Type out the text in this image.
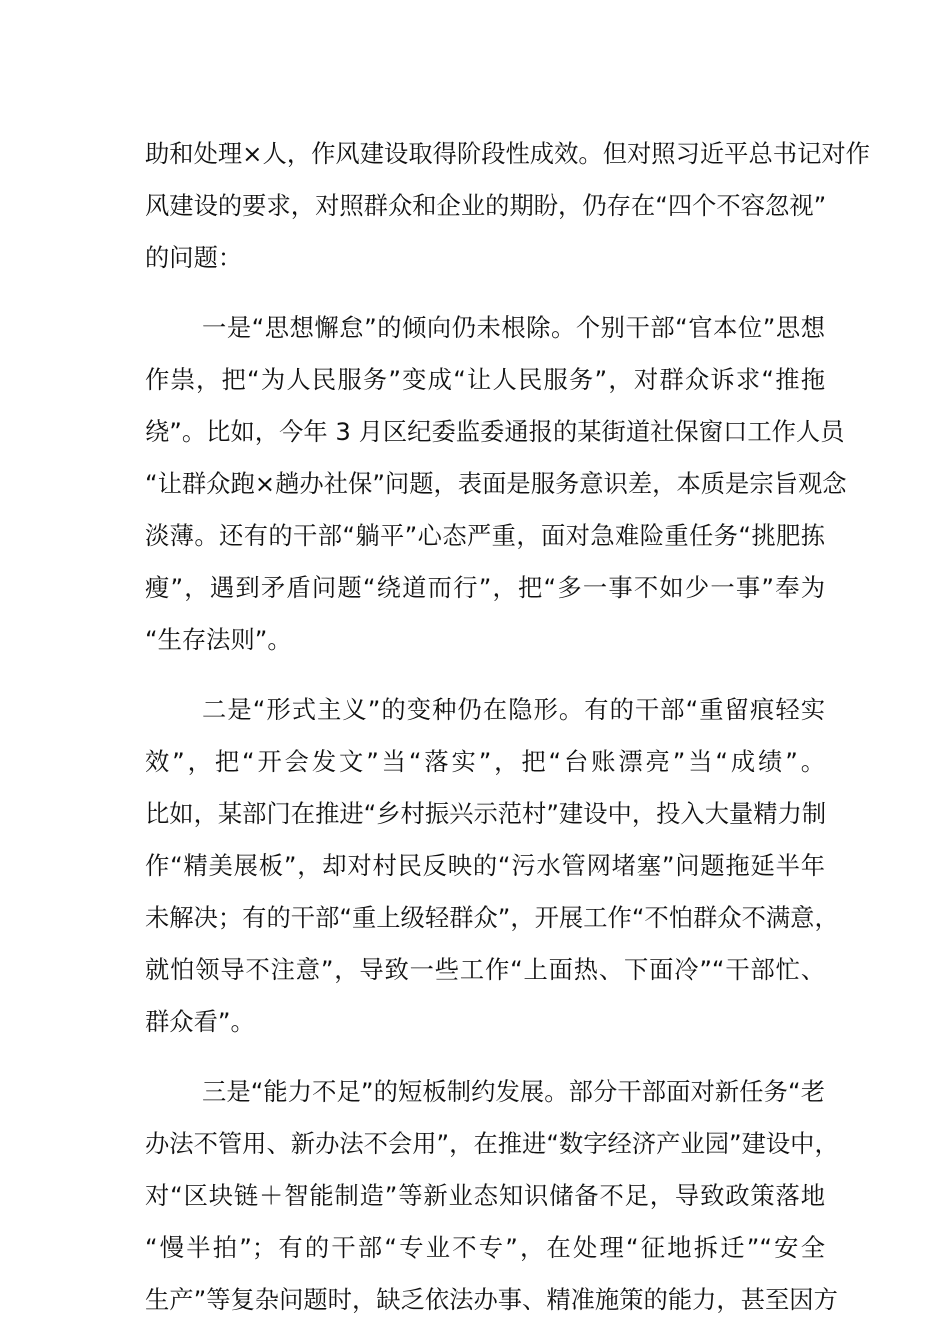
助和处理×人，作风建设取得阶段性成效。但对照习近平总书记对作
风建设的要求，对照群众和企业的期盼，仍存在“四个不容忽视”
的问题：
一是“思想懈怠”的倾向仍未根除。个别干部“官本位”思想
作祟，把“为人民服务”变成“让人民服务”，对群众诉求“推拖
绕”。比如，今年 3 月区纪委监委通报的某街道社保窗口工作人员
“让群众跑×趟办社保”问题，表面是服务意识差，本质是宗旨观念
淡薄。还有的干部“躺平”心态严重，面对急难险重任务“挑肥拣
瘦”，遇到矛盾问题“绕道而行”，把“多一事不如少一事”奉为
“生存法则”。
二是“形式主义”的变种仍在隐形。有的干部“重留痕轻实
效”，把“开会发文”当“落实”，把“台账漂亮”当“成绩”。
比如，某部门在推进“乡村振兴示范村”建设中，投入大量精力制
作“精美展板”，却对村民反映的“污水管网堵塞”问题拖延半年
未解决；有的干部“重上级轻群众”，开展工作“不怕群众不满意，
就怕领导不注意”，导致一些工作“上面热、下面冷”“干部忙、
群众看”。
三是“能力不足”的短板制约发展。部分干部面对新任务“老
办法不管用、新办法不会用”，在推进“数字经济产业园”建设中，
对“区块链＋智能制造”等新业态知识储备不足，导致政策落地
“慢半拍”；有的干部“专业不专”，在处理“征地拆迁”“安全
生产”等复杂问题时，缺乏依法办事、精准施策的能力，甚至因方
